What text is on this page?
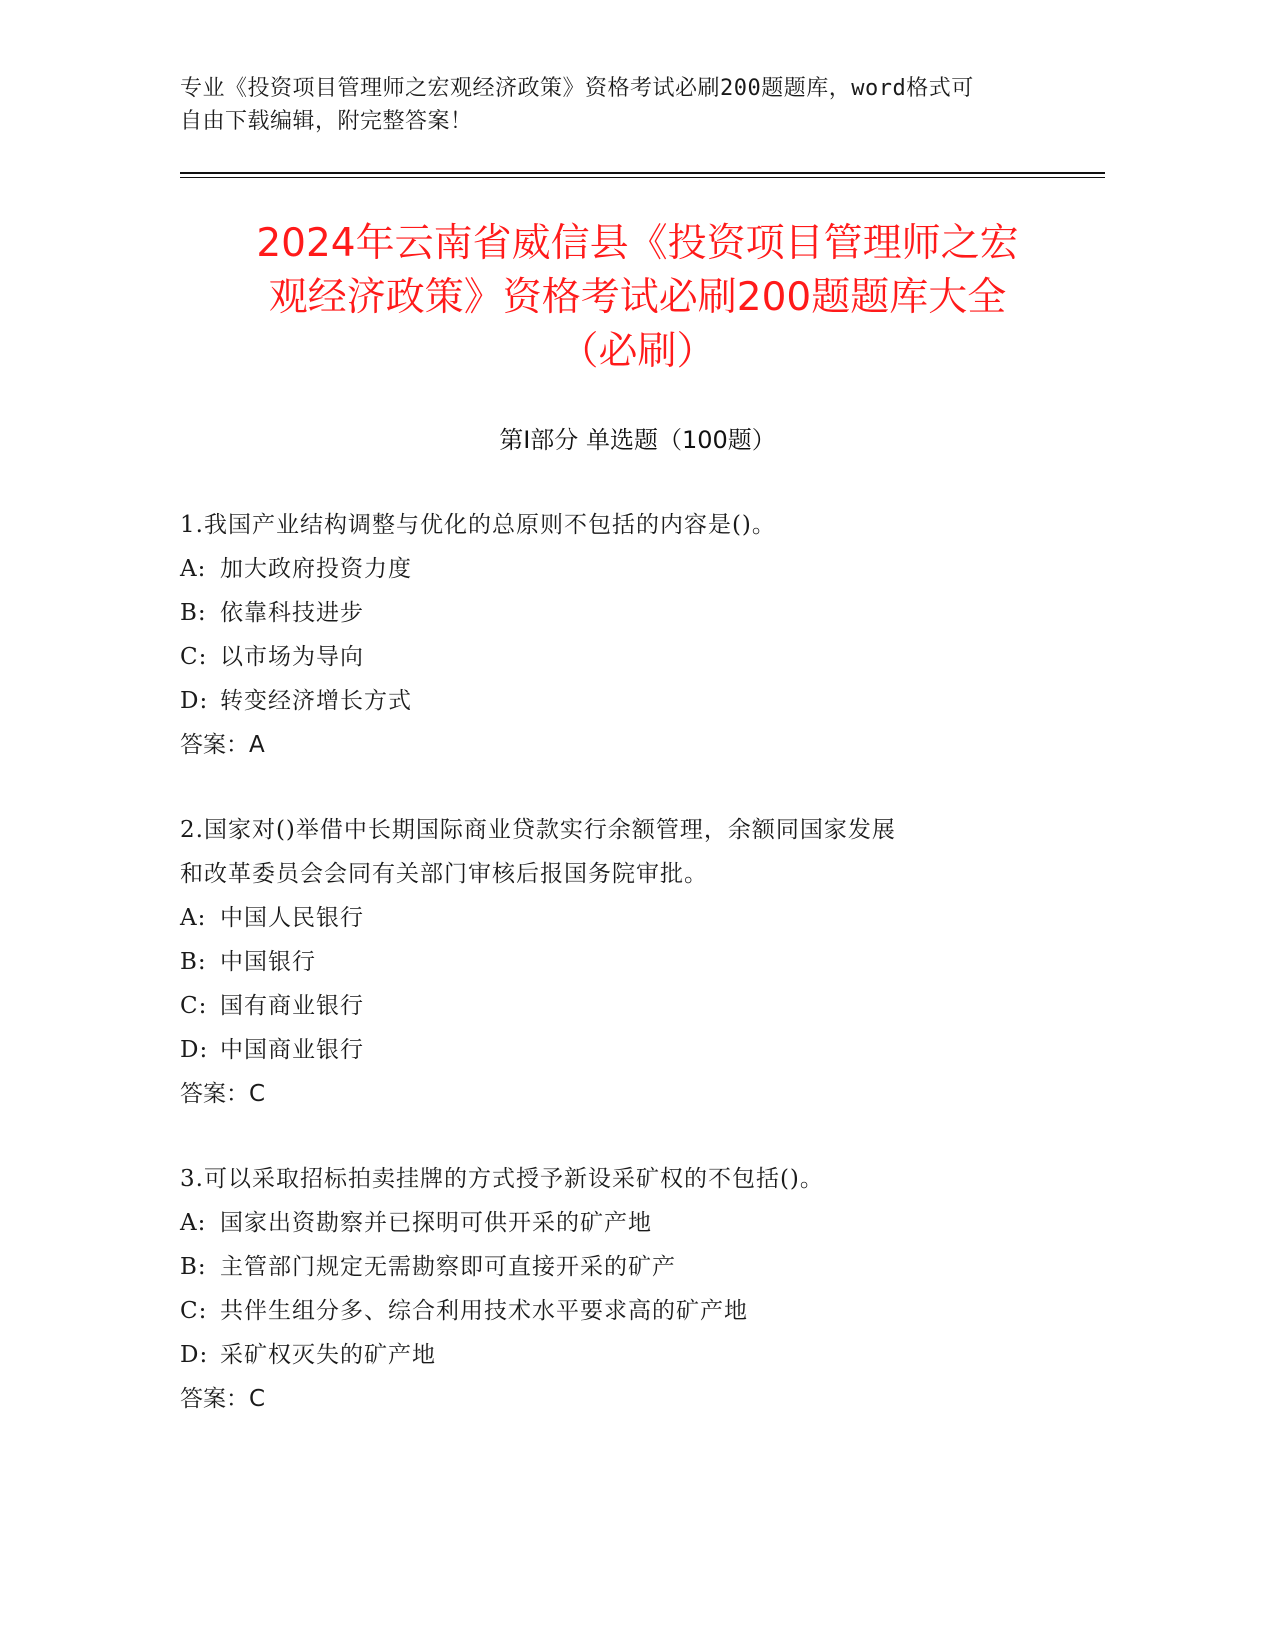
专业《投资项目管理师之宏观经济政策》资格考试必刷200题题库，word格式可
自由下载编辑，附完整答案！
2024年云南省威信县《投资项目管理师之宏
观经济政策》资格考试必刷200题题库大全
（必刷）
第Ⅰ部分 单选题（100题）
1.我国产业结构调整与优化的总原则不包括的内容是()。
A: 加大政府投资力度
B: 依靠科技进步
C: 以市场为导向
D: 转变经济增长方式
答案：A
2.国家对()举借中长期国际商业贷款实行余额管理，余额同国家发展
和改革委员会会同有关部门审核后报国务院审批。
A: 中国人民银行
B: 中国银行
C: 国有商业银行
D: 中国商业银行
答案：C
3.可以采取招标拍卖挂牌的方式授予新设采矿权的不包括()。
A: 国家出资勘察并已探明可供开采的矿产地
B: 主管部门规定无需勘察即可直接开采的矿产
C: 共伴生组分多、综合利用技术水平要求高的矿产地
D: 采矿权灭失的矿产地
答案：C
